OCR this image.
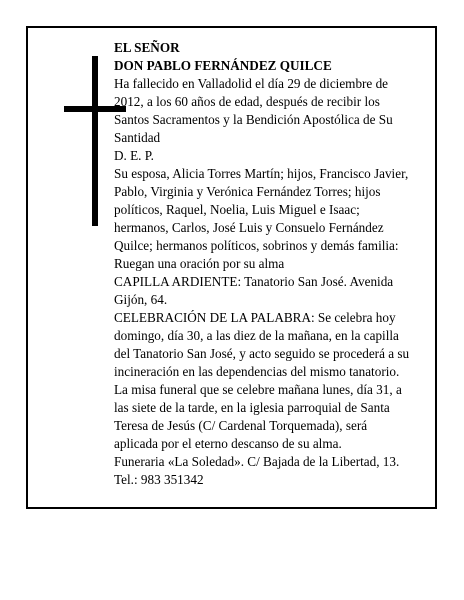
EL SEÑOR

DON PABLO FERNÁNDEZ QUILCE

Ha fallecido en Valladolid el día 29 de diciembre de

2012, a los 60 años de edad, después de recibir los

Santos Sacramentos y la Bendición Apostólica de Su

Santidad

D. E. P.

Su esposa, Alicia Torres Martín; hijos, Francisco Javier,

Pablo, Virginia y Verónica Fernández Torres; hijos

políticos, Raquel, Noelia, Luis Miguel e Isaac;

hermanos, Carlos, José Luis y Consuelo Fernández

Quilce; hermanos políticos, sobrinos y demás familia:

Ruegan una oración por su alma

CAPILLA ARDIENTE: Tanatorio San José. Avenida

Gijón, 64.

CELEBRACIÓN DE LA PALABRA: Se celebra hoy

domingo, día 30, a las diez de la mañana, en la capilla

del Tanatorio San José, y acto seguido se procederá a su

incineración en las dependencias del mismo tanatorio.

La misa funeral que se celebre mañana lunes, día 31, a

las siete de la tarde, en la iglesia parroquial de Santa

Teresa de Jesús (C/ Cardenal Torquemada), será

aplicada por el eterno descanso de su alma.

Funeraria «La Soledad». C/ Bajada de la Libertad, 13.

Tel.: 983 351342
